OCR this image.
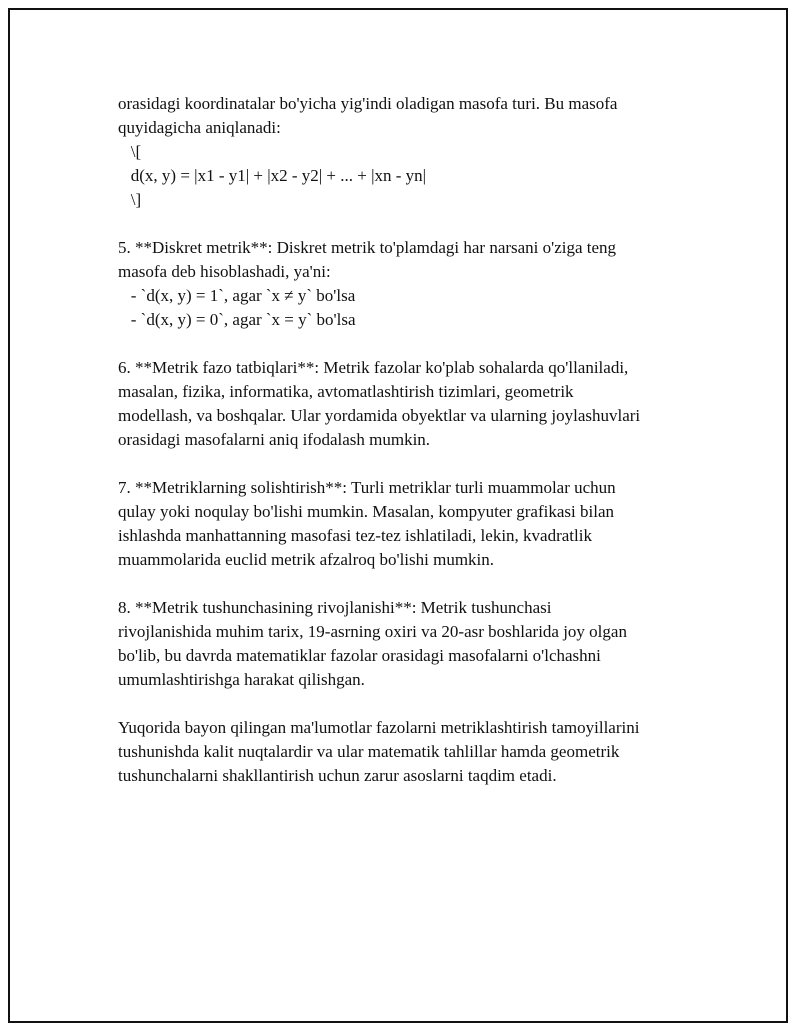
orasidagi koordinatalar bo'yicha yig'indi oladigan masofa turi. Bu masofa
quyidagicha aniqlanadi:
\[
d(x, y) = |x1 - y1| + |x2 - y2| + ... + |xn - yn|
\]
5. **Diskret metrik**: Diskret metrik to'plamdagi har narsani o'ziga teng
masofa deb hisoblashadi, ya'ni:
- `d(x, y) = 1`, agar `x ≠ y` bo'lsa
- `d(x, y) = 0`, agar `x = y` bo'lsa
6. **Metrik fazo tatbiqlari**: Metrik fazolar ko'plab sohalarda qo'llaniladi,
masalan, fizika, informatika, avtomatlashtirish tizimlari, geometrik
modellash, va boshqalar. Ular yordamida obyektlar va ularning joylashuvlari
orasidagi masofalarni aniq ifodalash mumkin.
7. **Metriklarning solishtirish**: Turli metriklar turli muammolar uchun
qulay yoki noqulay bo'lishi mumkin. Masalan, kompyuter grafikasi bilan
ishlashda manhattanning masofasi tez-tez ishlatiladi, lekin, kvadratlik
muammolarida euclid metrik afzalroq bo'lishi mumkin.
8. **Metrik tushunchasining rivojlanishi**: Metrik tushunchasi
rivojlanishida muhim tarix, 19-asrning oxiri va 20-asr boshlarida joy olgan
bo'lib, bu davrda matematiklar fazolar orasidagi masofalarni o'lchashni
umumlashtirishga harakat qilishgan.
Yuqorida bayon qilingan ma'lumotlar fazolarni metriklashtirish tamoyillarini
tushunishda kalit nuqtalardir va ular matematik tahlillar hamda geometrik
tushunchalarni shakllantirish uchun zarur asoslarni taqdim etadi.
